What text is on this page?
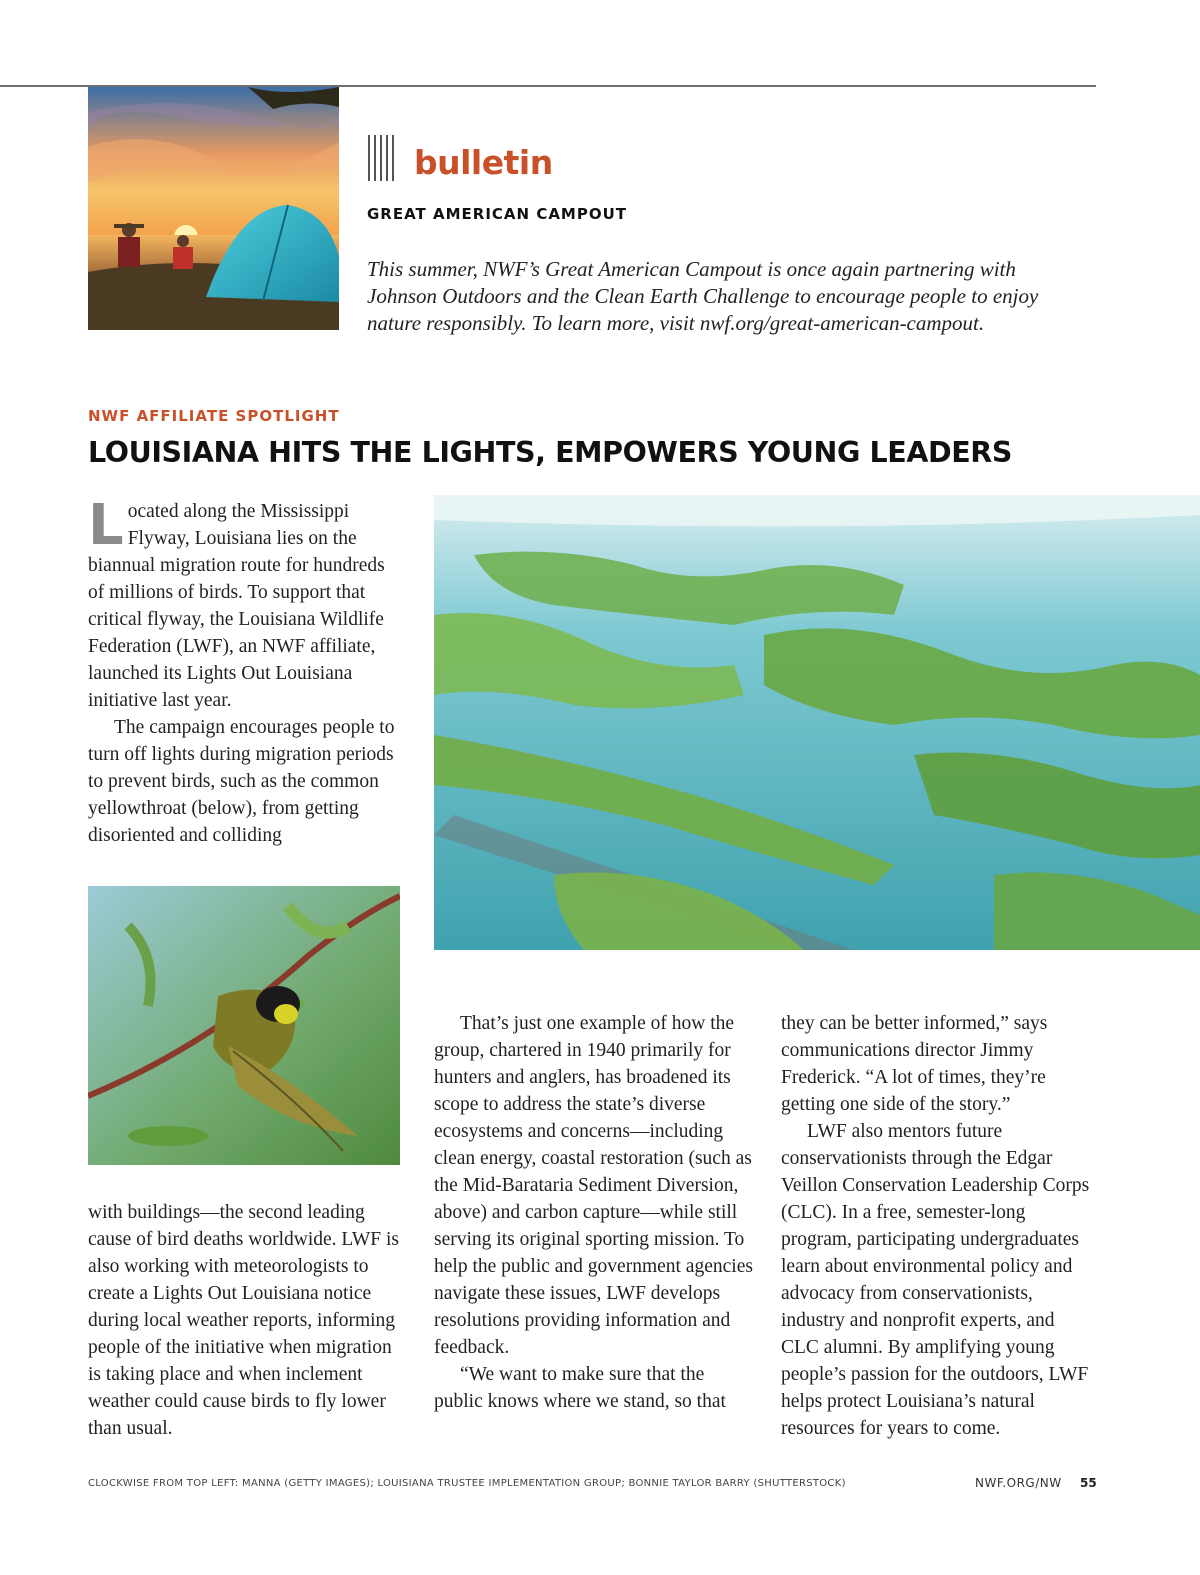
bulletin
GREAT AMERICAN CAMPOUT
This summer, NWF’s Great American Campout is once again partnering with Johnson Outdoors and the Clean Earth Challenge to encourage people to enjoy nature responsibly. To learn more, visit nwf.org/great-american-campout.
NWF AFFILIATE SPOTLIGHT
LOUISIANA HITS THE LIGHTS, EMPOWERS YOUNG LEADERS

Located along the Mississippi Flyway, Louisiana lies on the biannual migration route for hundreds of millions of birds. To support that critical flyway, the Louisiana Wildlife Federation (LWF), an NWF affiliate, launched its Lights Out Louisiana initiative last year.

The campaign encourages people to turn off lights during migration periods to prevent birds, such as the common yellowthroat (below), from getting disoriented and colliding

with buildings—the second leading cause of bird deaths worldwide. LWF is also working with meteorologists to create a Lights Out Louisiana notice during local weather reports, informing people of the initiative when migration is taking place and when inclement weather could cause birds to fly lower than usual.

That’s just one example of how the group, chartered in 1940 primarily for hunters and anglers, has broadened its scope to address the state’s diverse ecosystems and concerns—including clean energy, coastal restoration (such as the Mid-Barataria Sediment Diversion, above) and carbon capture—while still serving its original sporting mission. To help the public and government agencies navigate these issues, LWF develops resolutions providing information and feedback.

“We want to make sure that the public knows where we stand, so that

they can be better informed,” says communications director Jimmy Frederick. “A lot of times, they’re getting one side of the story.”

LWF also mentors future conservationists through the Edgar Veillon Conservation Leadership Corps (CLC). In a free, semester-long program, participating undergraduates learn about environmental policy and advocacy from conservationists, industry and nonprofit experts, and CLC alumni. By amplifying young people’s passion for the outdoors, LWF helps protect Louisiana’s natural resources for years to come.

CLOCKWISE FROM TOP LEFT: MANNA (GETTY IMAGES); LOUISIANA TRUSTEE IMPLEMENTATION GROUP; BONNIE TAYLOR BARRY (SHUTTERSTOCK)	NWF.ORG/NW 55
